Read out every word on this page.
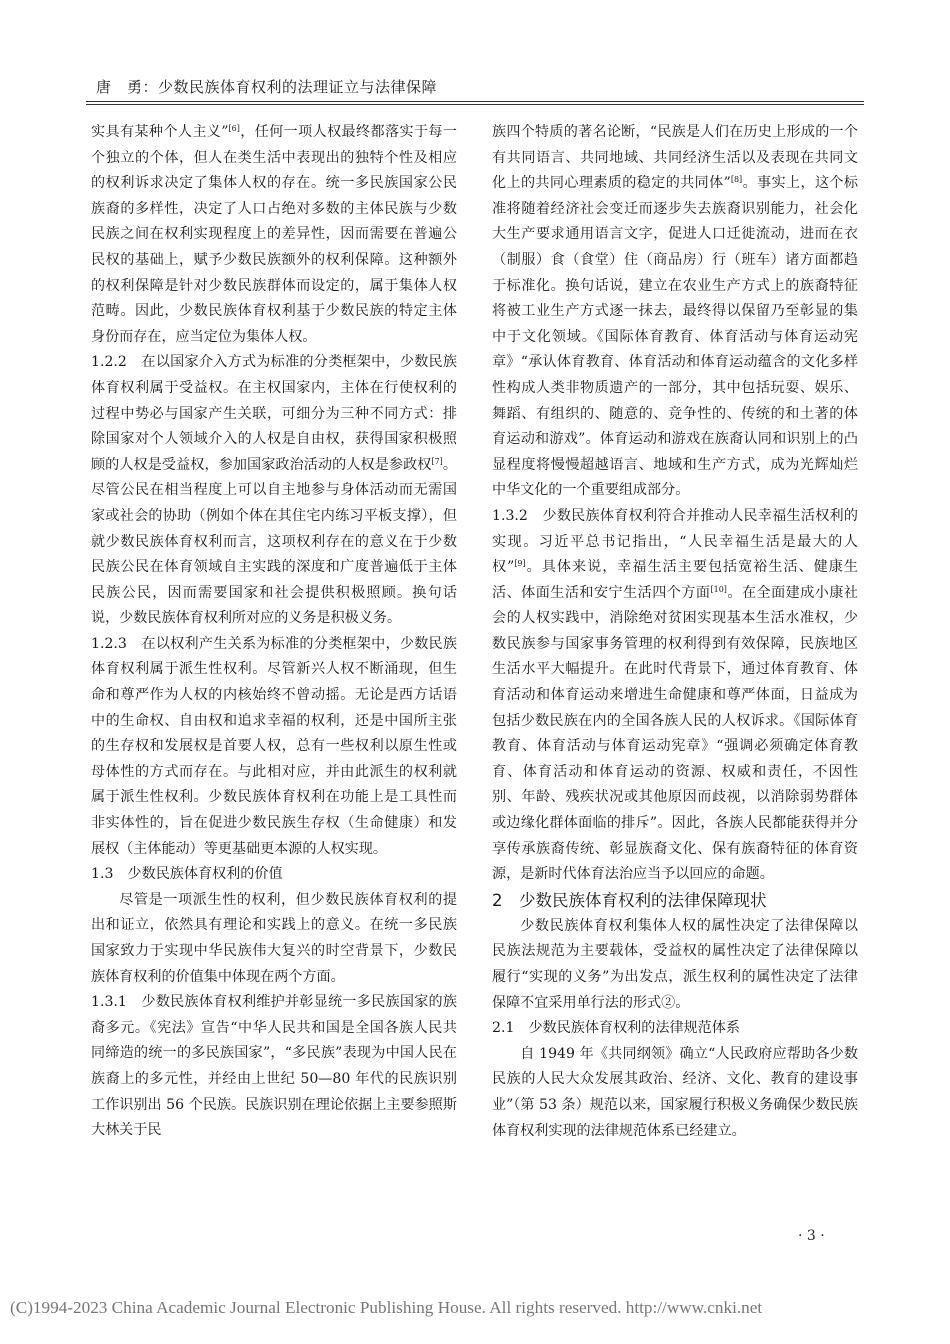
唐　勇：少数民族体育权利的法理证立与法律保障

实具有某种个人主义”[6]，任何一项人权最终都落实于每一个独立的个体，但人在类生活中表现出的独特个性及相应的权利诉求决定了集体人权的存在。统一多民族国家公民族裔的多样性，决定了人口占绝对多数的主体民族与少数民族之间在权利实现程度上的差异性，因而需要在普遍公民权的基础上，赋予少数民族额外的权利保障。这种额外的权利保障是针对少数民族群体而设定的，属于集体人权范畴。因此，少数民族体育权利基于少数民族的特定主体身份而存在，应当定位为集体人权。

1.2.2　在以国家介入方式为标准的分类框架中，少数民族体育权利属于受益权。在主权国家内，主体在行使权利的过程中势必与国家产生关联，可细分为三种不同方式：排除国家对个人领域介入的人权是自由权，获得国家积极照顾的人权是受益权，参加国家政治活动的人权是参政权[7]。尽管公民在相当程度上可以自主地参与身体活动而无需国家或社会的协助（例如个体在其住宅内练习平板支撑），但就少数民族体育权利而言，这项权利存在的意义在于少数民族公民在体育领域自主实践的深度和广度普遍低于主体民族公民，因而需要国家和社会提供积极照顾。换句话说，少数民族体育权利所对应的义务是积极义务。

1.2.3　在以权利产生关系为标准的分类框架中，少数民族体育权利属于派生性权利。尽管新兴人权不断涌现，但生命和尊严作为人权的内核始终不曾动摇。无论是西方话语中的生命权、自由权和追求幸福的权利，还是中国所主张的生存权和发展权是首要人权，总有一些权利以原生性或母体性的方式而存在。与此相对应，并由此派生的权利就属于派生性权利。少数民族体育权利在功能上是工具性而非实体性的，旨在促进少数民族生存权（生命健康）和发展权（主体能动）等更基础更本源的人权实现。

1.3　少数民族体育权利的价值

尽管是一项派生性的权利，但少数民族体育权利的提出和证立，依然具有理论和实践上的意义。在统一多民族国家致力于实现中华民族伟大复兴的时空背景下，少数民族体育权利的价值集中体现在两个方面。

1.3.1　少数民族体育权利维护并彰显统一多民族国家的族裔多元。《宪法》宣告“中华人民共和国是全国各族人民共同缔造的统一的多民族国家”，“多民族”表现为中国人民在族裔上的多元性，并经由上世纪 50—80 年代的民族识别工作识别出 56 个民族。民族识别在理论依据上主要参照斯大林关于民

族四个特质的著名论断，“民族是人们在历史上形成的一个有共同语言、共同地域、共同经济生活以及表现在共同文化上的共同心理素质的稳定的共同体”[8]。事实上，这个标准将随着经济社会变迁而逐步失去族裔识别能力，社会化大生产要求通用语言文字，促进人口迁徙流动，进而在衣（制服）食（食堂）住（商品房）行（班车）诸方面都趋于标准化。换句话说，建立在农业生产方式上的族裔特征将被工业生产方式逐一抹去，最终得以保留乃至彰显的集中于文化领域。《国际体育教育、体育活动与体育运动宪章》“承认体育教育、体育活动和体育运动蕴含的文化多样性构成人类非物质遗产的一部分，其中包括玩耍、娱乐、舞蹈、有组织的、随意的、竞争性的、传统的和土著的体育运动和游戏”。体育运动和游戏在族裔认同和识别上的凸显程度将慢慢超越语言、地域和生产方式，成为光辉灿烂中华文化的一个重要组成部分。

1.3.2　少数民族体育权利符合并推动人民幸福生活权利的实现。习近平总书记指出，“人民幸福生活是最大的人权”[9]。具体来说，幸福生活主要包括宽裕生活、健康生活、体面生活和安宁生活四个方面[10]。在全面建成小康社会的人权实践中，消除绝对贫困实现基本生活水准权，少数民族参与国家事务管理的权利得到有效保障，民族地区生活水平大幅提升。在此时代背景下，通过体育教育、体育活动和体育运动来增进生命健康和尊严体面，日益成为包括少数民族在内的全国各族人民的人权诉求。《国际体育教育、体育活动与体育运动宪章》“强调必须确定体育教育、体育活动和体育运动的资源、权威和责任，不因性别、年龄、残疾状况或其他原因而歧视，以消除弱势群体或边缘化群体面临的排斥”。因此，各族人民都能获得并分享传承族裔传统、彰显族裔文化、保有族裔特征的体育资源，是新时代体育法治应当予以回应的命题。

2　少数民族体育权利的法律保障现状

少数民族体育权利集体人权的属性决定了法律保障以民族法规范为主要载体，受益权的属性决定了法律保障以履行“实现的义务”为出发点，派生权利的属性决定了法律保障不宜采用单行法的形式②。

2.1　少数民族体育权利的法律规范体系

自 1949 年《共同纲领》确立“人民政府应帮助各少数民族的人民大众发展其政治、经济、文化、教育的建设事业”（第 53 条）规范以来，国家履行积极义务确保少数民族体育权利实现的法律规范体系已经建立。

· 3 ·
(C)1994-2023 China Academic Journal Electronic Publishing House. All rights reserved. http://www.cnki.net
